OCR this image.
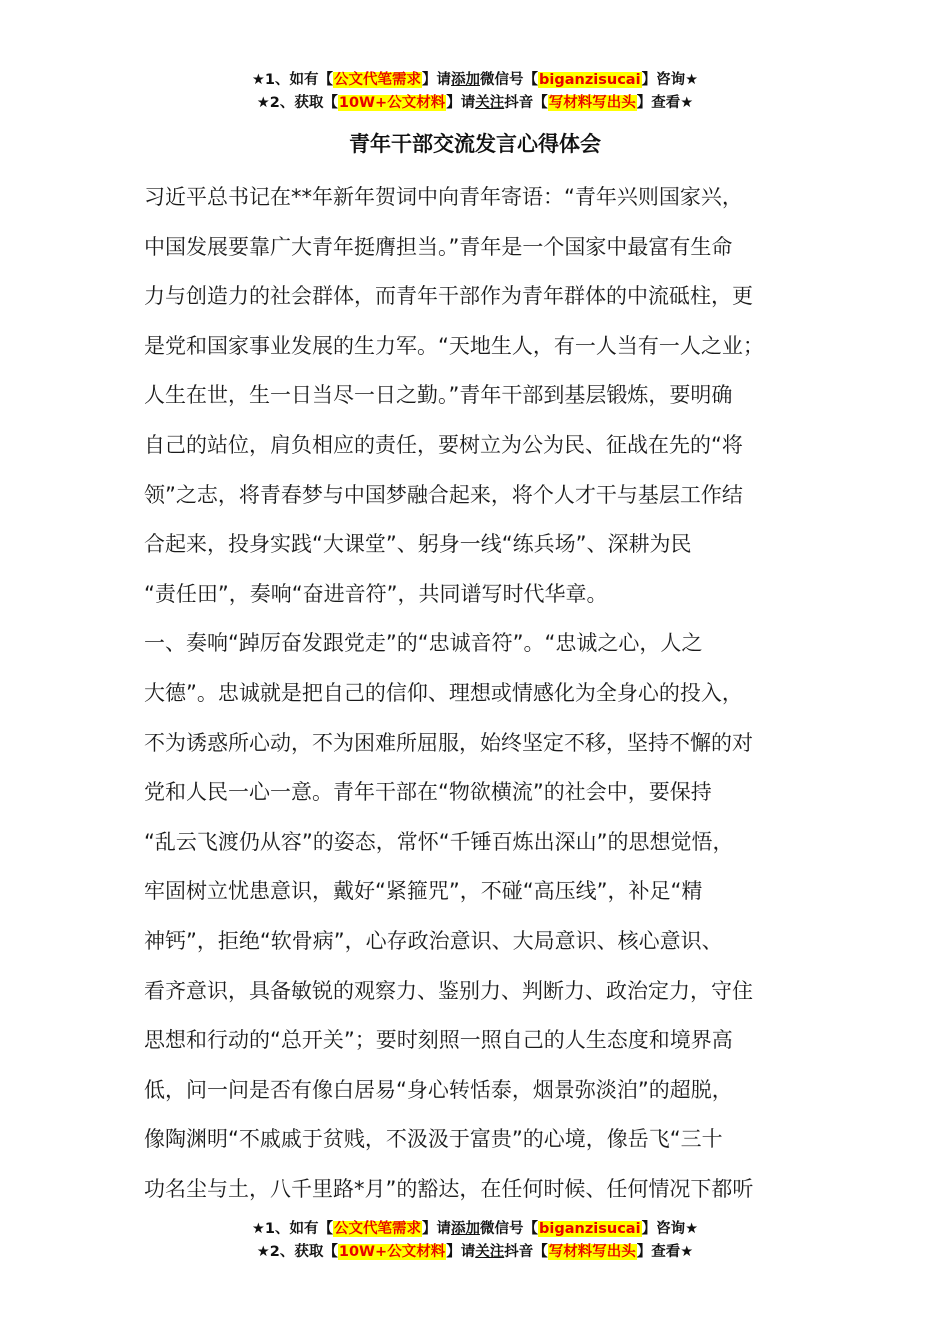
★1、如有【公文代笔需求】请添加微信号【biganzisucai】咨询★
★2、获取【10W+公文材料】请关注抖音【写材料写出头】查看★
青年干部交流发言心得体会
习近平总书记在**年新年贺词中向青年寄语：“青年兴则国家兴，
中国发展要靠广大青年挺膺担当。”青年是一个国家中最富有生命
力与创造力的社会群体，而青年干部作为青年群体的中流砥柱，更
是党和国家事业发展的生力军。“天地生人，有一人当有一人之业；
人生在世，生一日当尽一日之勤。”青年干部到基层锻炼，要明确
自己的站位，肩负相应的责任，要树立为公为民、征战在先的“将
领”之志，将青春梦与中国梦融合起来，将个人才干与基层工作结
合起来，投身实践“大课堂”、躬身一线“练兵场”、深耕为民
“责任田”，奏响“奋进音符”，共同谱写时代华章。
一、奏响“踔厉奋发跟党走”的“忠诚音符”。“忠诚之心，人之
大德”。忠诚就是把自己的信仰、理想或情感化为全身心的投入，
不为诱惑所心动，不为困难所屈服，始终坚定不移，坚持不懈的对
党和人民一心一意。青年干部在“物欲横流”的社会中，要保持
“乱云飞渡仍从容”的姿态，常怀“千锤百炼出深山”的思想觉悟，
牢固树立忧患意识，戴好“紧箍咒”，不碰“高压线”，补足“精
神钙”，拒绝“软骨病”，心存政治意识、大局意识、核心意识、
看齐意识，具备敏锐的观察力、鉴别力、判断力、政治定力，守住
思想和行动的“总开关”；要时刻照一照自己的人生态度和境界高
低，问一问是否有像白居易“身心转恬泰，烟景弥淡泊”的超脱，
像陶渊明“不戚戚于贫贱，不汲汲于富贵”的心境，像岳飞“三十
功名尘与土，八千里路*月”的豁达，在任何时候、任何情况下都听
★1、如有【公文代笔需求】请添加微信号【biganzisucai】咨询★
★2、获取【10W+公文材料】请关注抖音【写材料写出头】查看★
